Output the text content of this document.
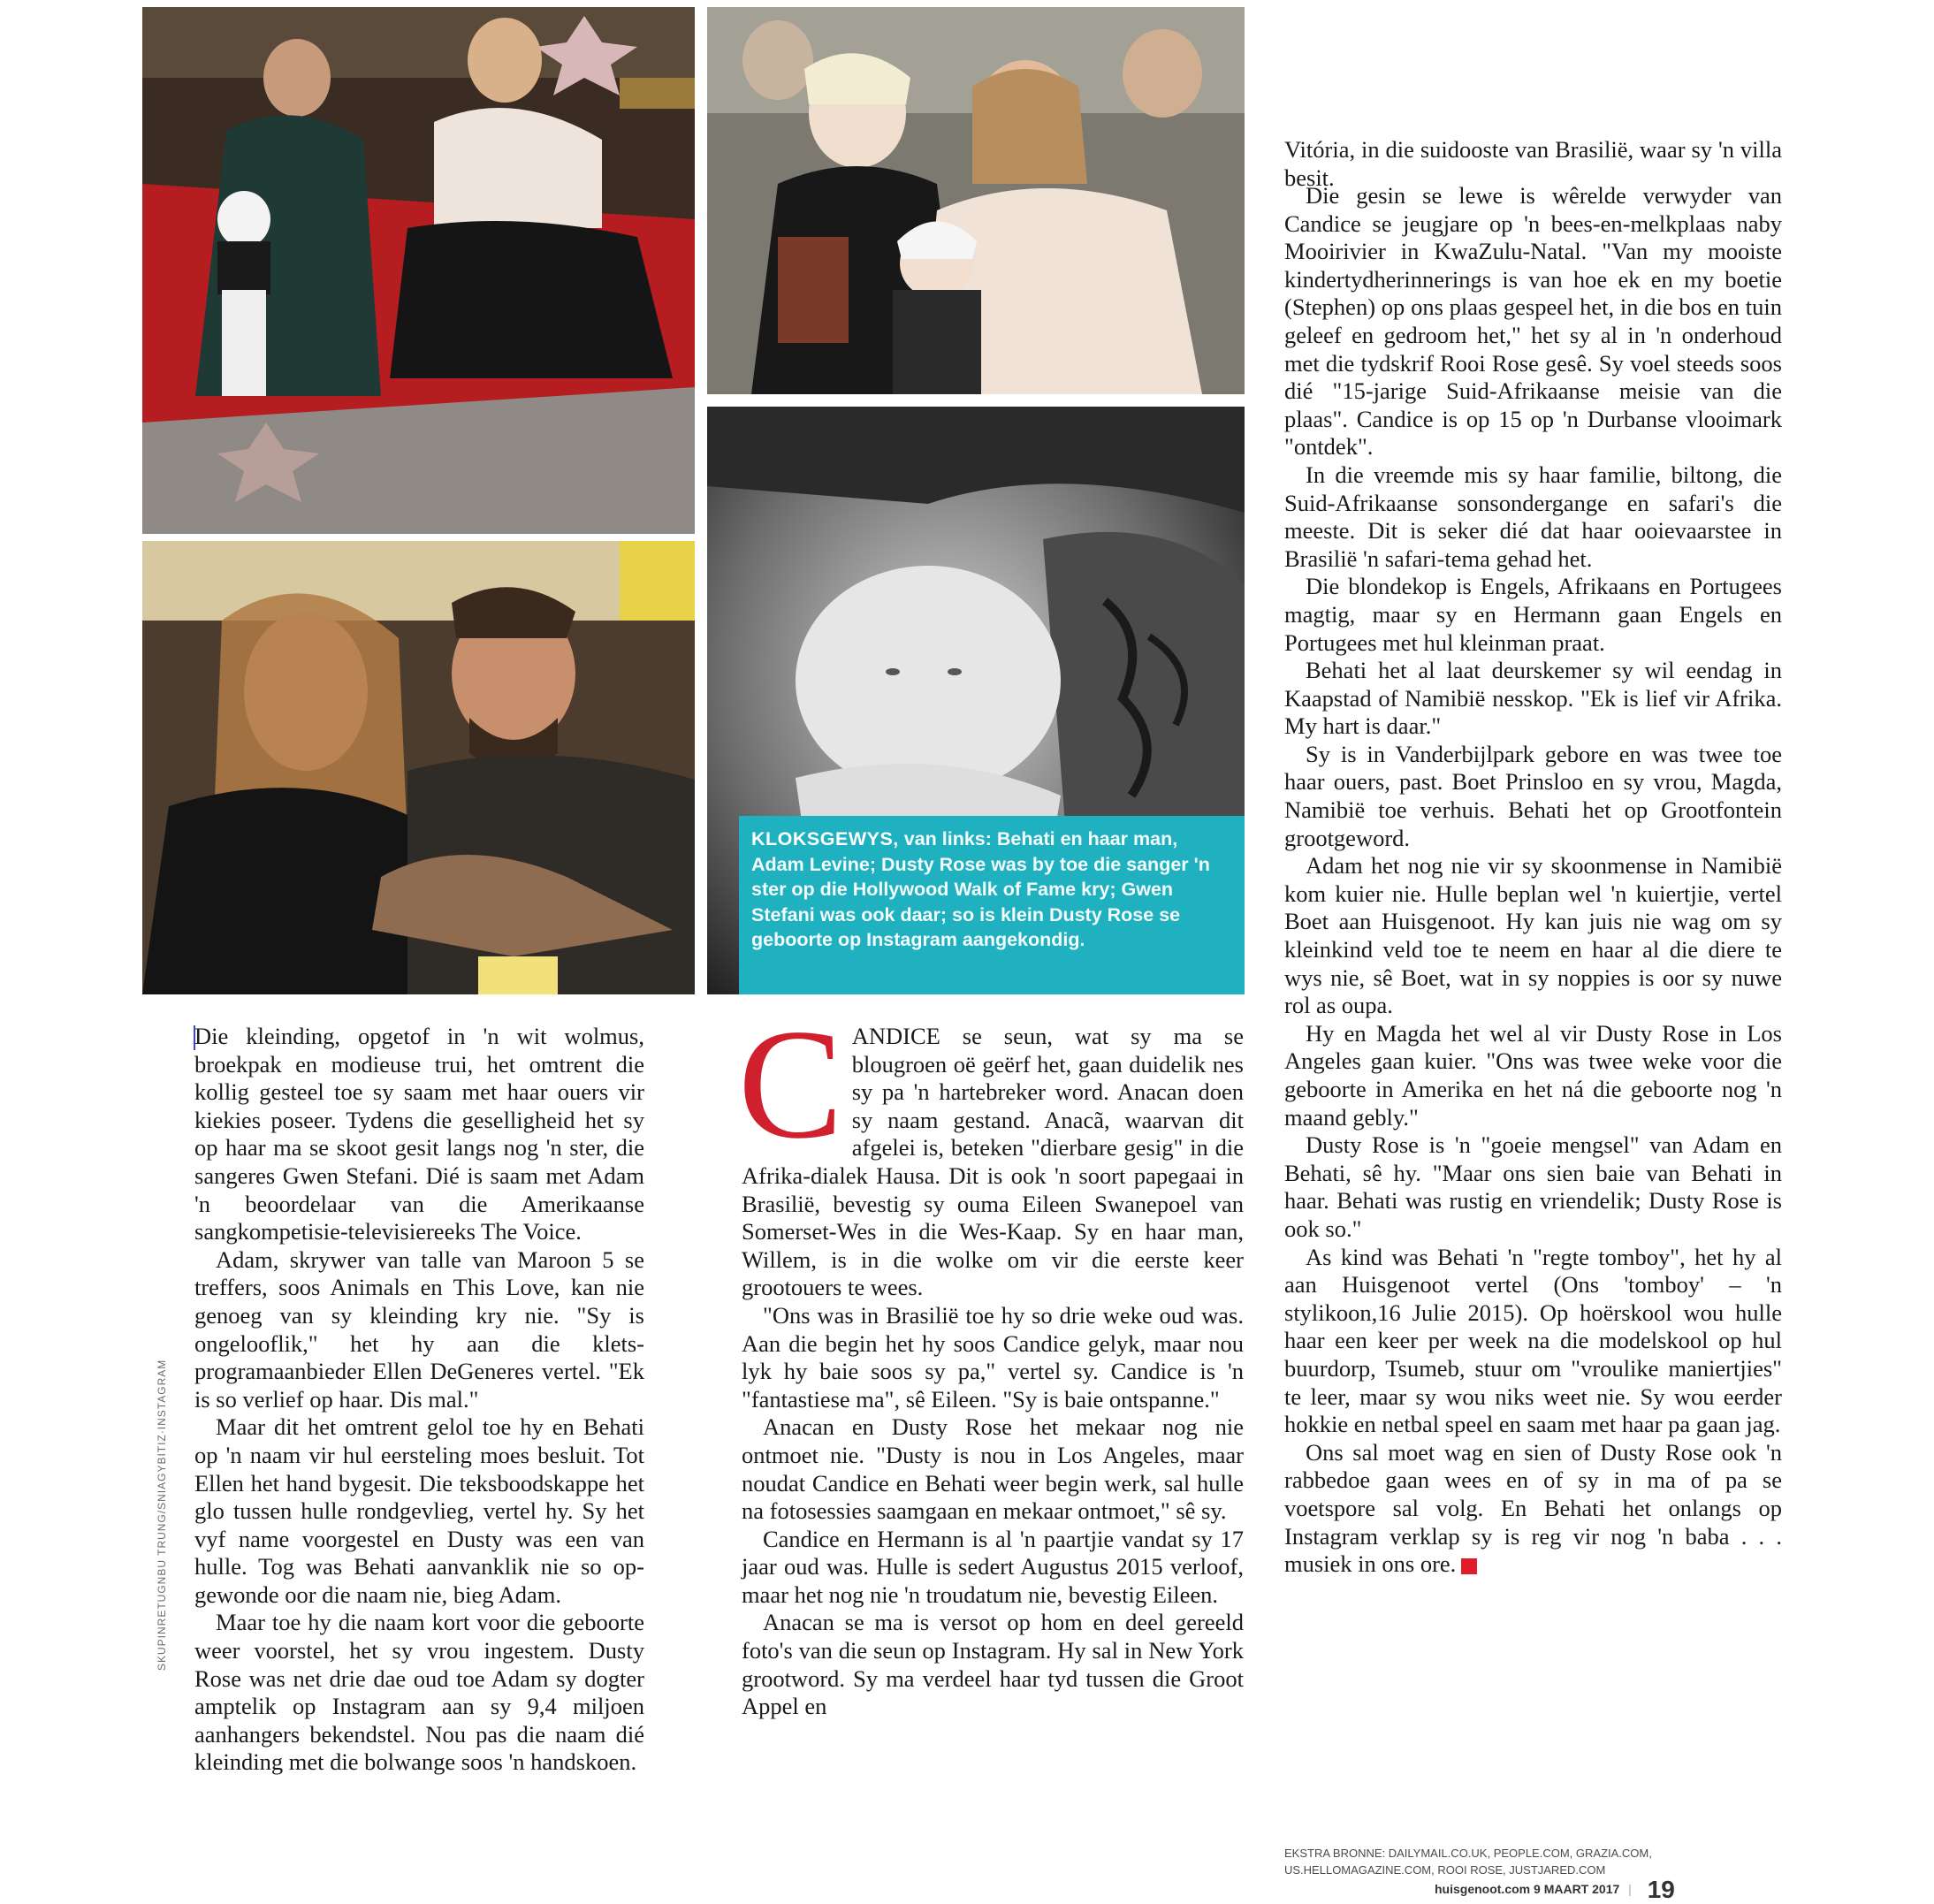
KLOKSGEWYS, van links: Behati en haar man, Adam Levine; Dusty Rose was by toe die sanger 'n ster op die Hollywood Walk of Fame kry; Gwen Stefani was ook daar; so is klein Dusty Rose se geboorte op Instagram aangekondig.
SKUPINRETUGNBU TRUNG/SNIAGYBITIZ·INSTAGRAM

Die kleinding, opgetof in 'n wit wolmus, broekpak en modieuse trui, het omtrent die kollig gesteel toe sy saam met haar ouers vir kiekies poseer. Tydens die geselligheid het sy op haar ma se skoot gesit langs nog 'n ster, die sangeres Gwen Stefani. Dié is saam met Adam 'n beoordelaar van die Amerikaanse sangkompetisie-televisiereeks The Voice.

Adam, skrywer van talle van Maroon 5 se treffers, soos Animals en This Love, kan nie genoeg van sy kleinding kry nie. "Sy is ongelooflik," het hy aan die kletsprogramaanbieder Ellen DeGeneres vertel. "Ek is so verlief op haar. Dis mal."

Maar dit het omtrent gelol toe hy en Behati op 'n naam vir hul eersteling moes besluit. Tot Ellen het hand bygesit. Die teksboodskappe het glo tussen hulle rondgevlieg, vertel hy. Sy het vyf name voorgestel en Dusty was een van hulle. Tog was Behati aanvanklik nie so opgewonde oor die naam nie, bieg Adam.

Maar toe hy die naam kort voor die geboorte weer voorstel, het sy vrou ingestem. Dusty Rose was net drie dae oud toe Adam sy dogter amptelik op Instagram aan sy 9,4 miljoen aanhangers bekendstel. Nou pas die naam dié kleinding met die bolwange soos 'n handskoen.

CANDICE se seun, wat sy ma se blougroen oë geërf het, gaan duidelik nes sy pa 'n hartebreker word. Anacan doen sy naam gestand. Anacã, waarvan dit afgelei is, beteken "dierbare gesig" in die Afrika-dialek Hausa. Dit is ook 'n soort papegaai in Brasilië, bevestig sy ouma Eileen Swanepoel van Somerset-Wes in die Wes-Kaap. Sy en haar man, Willem, is in die wolke om vir die eerste keer grootouers te wees.

"Ons was in Brasilië toe hy so drie weke oud was. Aan die begin het hy soos Candice gelyk, maar nou lyk hy baie soos sy pa," vertel sy. Candice is 'n "fantastiese ma", sê Eileen. "Sy is baie ontspanne."

Anacan en Dusty Rose het mekaar nog nie ontmoet nie. "Dusty is nou in Los Angeles, maar noudat Candice en Behati weer begin werk, sal hulle na fotosessies saamgaan en mekaar ontmoet," sê sy.

Candice en Hermann is al 'n paartjie vandat sy 17 jaar oud was. Hulle is sedert Augustus 2015 verloof, maar het nog nie 'n troudatum nie, bevestig Eileen.

Anacan se ma is versot op hom en deel gereeld foto's van die seun op Instagram. Hy sal in New York grootword. Sy ma verdeel haar tyd tussen die Groot Appel en

Vitória, in die suidooste van Brasilië, waar sy 'n villa besit.

Die gesin se lewe is wêrelde verwyder van Candice se jeugjare op 'n bees-en-melkplaas naby Mooirivier in KwaZulu-Natal. "Van my mooiste kindertydherinnerings is van hoe ek en my boetie (Stephen) op ons plaas gespeel het, in die bos en tuin geleef en gedroom het," het sy al in 'n onderhoud met die tydskrif Rooi Rose gesê. Sy voel steeds soos dié "15-jarige Suid-Afrikaanse meisie van die plaas". Candice is op 15 op 'n Durbanse vlooimark "ontdek".

In die vreemde mis sy haar familie, biltong, die Suid-Afrikaanse sonsondergange en safari's die meeste. Dit is seker dié dat haar ooievaarstee in Brasilië 'n safari-tema gehad het.

Die blondekop is Engels, Afrikaans en Portugees magtig, maar sy en Hermann gaan Engels en Portugees met hul kleinman praat.

Behati het al laat deurskemer sy wil eendag in Kaapstad of Namibië nesskop. "Ek is lief vir Afrika. My hart is daar."

Sy is in Vanderbijlpark gebore en was twee toe haar ouers, past. Boet Prinsloo en sy vrou, Magda, Namibië toe verhuis. Behati het op Grootfontein grootgeword.

Adam het nog nie vir sy skoonmense in Namibië kom kuier nie. Hulle beplan wel 'n kuiertjie, vertel Boet aan Huisgenoot. Hy kan juis nie wag om sy kleinkind veld toe te neem en haar al die diere te wys nie, sê Boet, wat in sy noppies is oor sy nuwe rol as oupa.

Hy en Magda het wel al vir Dusty Rose in Los Angeles gaan kuier. "Ons was twee weke voor die geboorte in Amerika en het ná die geboorte nog 'n maand gebly."

Dusty Rose is 'n "goeie mengsel" van Adam en Behati, sê hy. "Maar ons sien baie van Behati in haar. Behati was rustig en vriendelik; Dusty Rose is ook so."

As kind was Behati 'n "regte tomboy", het hy al aan Huisgenoot vertel (Ons 'tomboy' – 'n stylikoon,16 Julie 2015). Op hoërskool wou hulle haar een keer per week na die modelskool op hul buurdorp, Tsumeb, stuur om "vroulike maniertjies" te leer, maar sy wou niks weet nie. Sy wou eerder hokkie en netbal speel en saam met haar pa gaan jag.

Ons sal moet wag en sien of Dusty Rose ook 'n rabbedoe gaan wees en of sy in ma of pa se voetspore sal volg. En Behati het onlangs op Instagram verklap sy is reg vir nog 'n baba . . . musiek in ons ore.

EKSTRA BRONNE: DAILYMAIL.CO.UK, PEOPLE.COM, GRAZIA.COM, US.HELLOMAGAZINE.COM, ROOI ROSE, JUSTJARED.COM
huisgenoot.com 9 MAART 2017 | 19
